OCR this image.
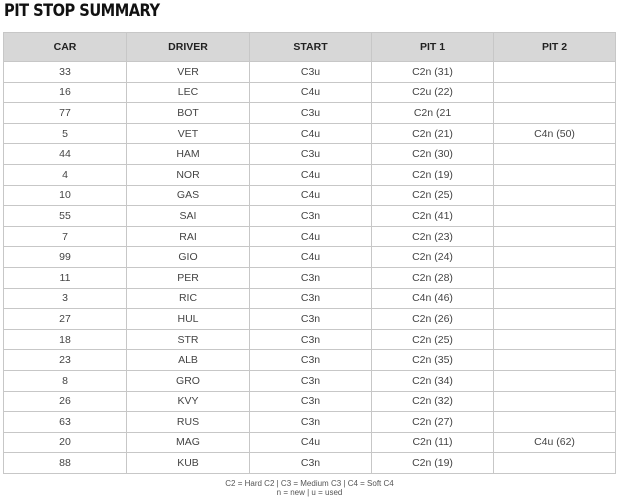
PIT STOP SUMMARY
CAR	DRIVER	START	PIT 1	PIT 2
33	VER	C3u	C2n (31)	
16	LEC	C4u	C2u (22)	
77	BOT	C3u	C2n (21	
5	VET	C4u	C2n (21)	C4n (50)
44	HAM	C3u	C2n (30)	
4	NOR	C4u	C2n (19)	
10	GAS	C4u	C2n (25)	
55	SAI	C3n	C2n (41)	
7	RAI	C4u	C2n (23)	
99	GIO	C4u	C2n (24)	
11	PER	C3n	C2n (28)	
3	RIC	C3n	C4n (46)	
27	HUL	C3n	C2n (26)	
18	STR	C3n	C2n (25)	
23	ALB	C3n	C2n (35)	
8	GRO	C3n	C2n (34)	
26	KVY	C3n	C2n (32)	
63	RUS	C3n	C2n (27)	
20	MAG	C4u	C2n (11)	C4u (62)
88	KUB	C3n	C2n (19)	
C2 = Hard C2 | C3 = Medium C3 | C4 = Soft C4
n = new | u = used
